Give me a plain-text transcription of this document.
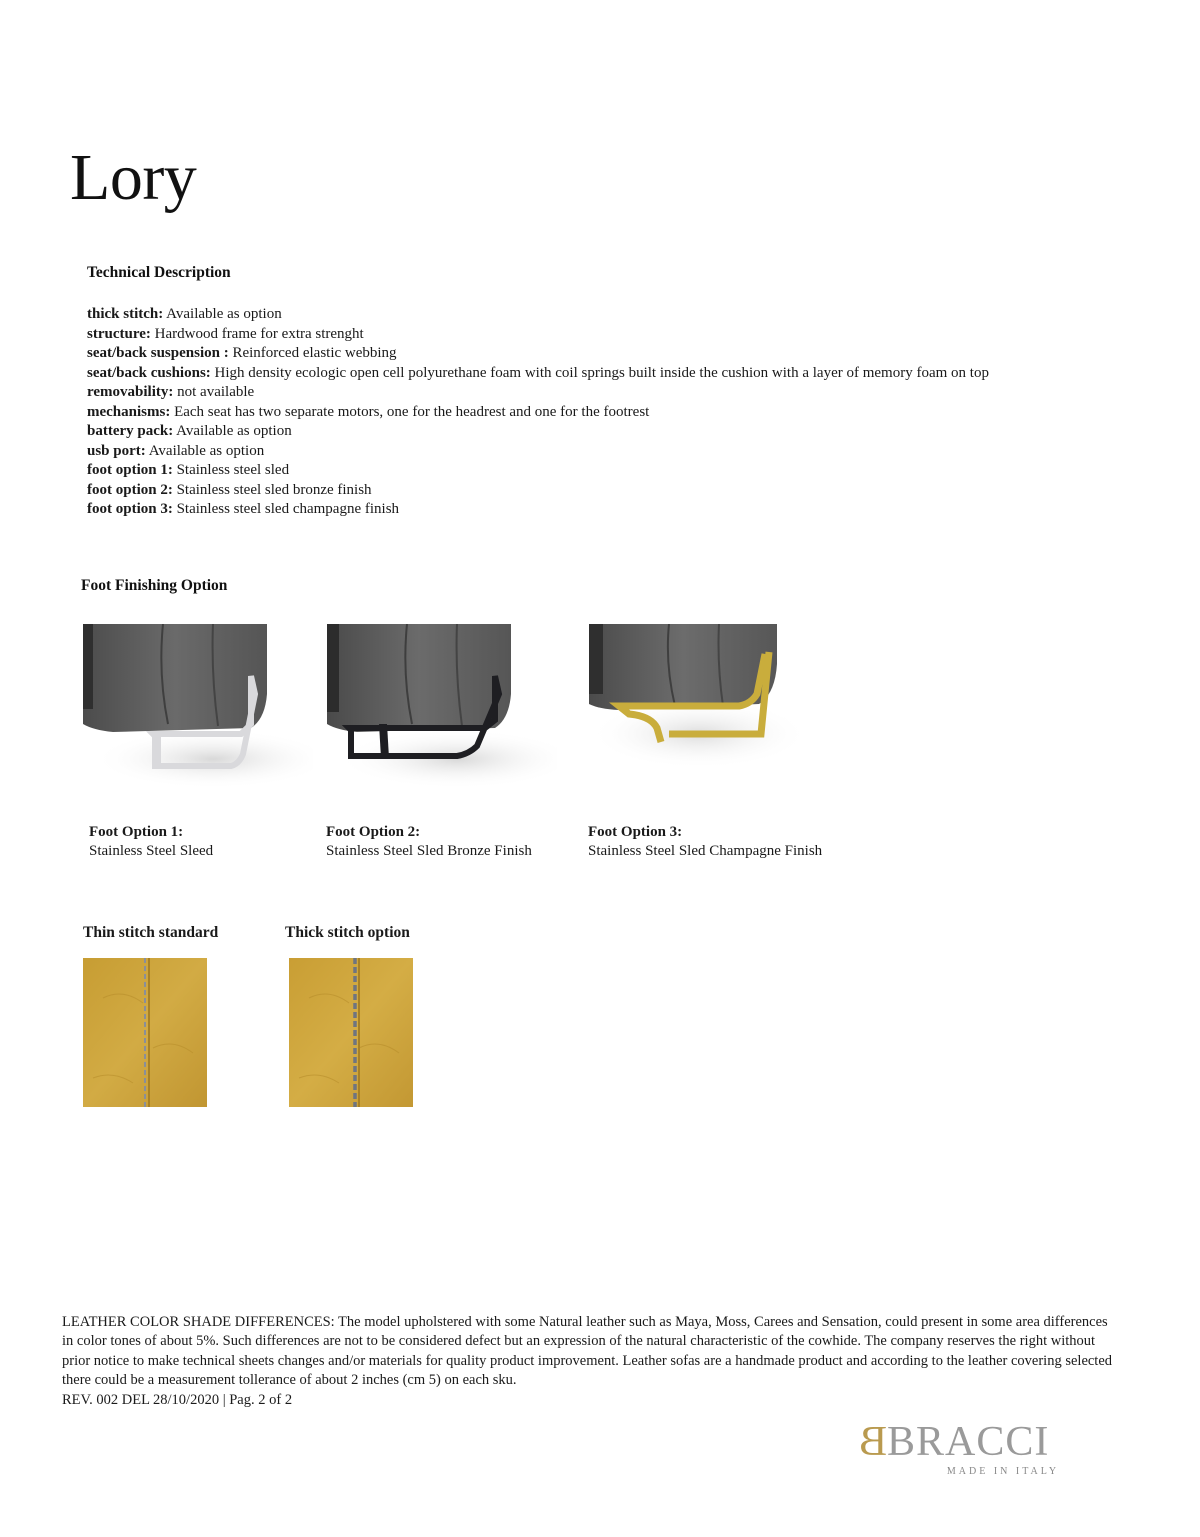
Lory
Technical Description
thick stitch: Available as option
structure: Hardwood frame for extra strenght
seat/back suspension : Reinforced elastic webbing
seat/back cushions: High density ecologic open cell polyurethane foam with coil springs built inside the cushion with a layer of memory foam on top
removability: not available
mechanisms: Each seat has two separate motors, one for the headrest and one for the footrest
battery pack: Available as option
usb port: Available as option
foot option 1: Stainless steel sled
foot option 2: Stainless steel sled bronze finish
foot option 3: Stainless steel sled champagne finish
Foot Finishing Option
Foot Option 1:
Stainless Steel Sleed
Foot Option 2:
Stainless Steel Sled Bronze Finish
Foot Option 3:
Stainless Steel Sled Champagne Finish
Thin stitch standard	Thick stitch option
LEATHER COLOR SHADE DIFFERENCES: The model upholstered with some Natural leather such as Maya, Moss, Carees and Sensation, could present in some area differences in color tones of about 5%. Such differences are not to be considered defect but an expression of the natural characteristic of the cowhide. The company reserves the right without prior notice to make technical sheets changes and/or materials for quality product improvement. Leather sofas are a handmade product and according to the leather covering selected there could be a measurement tollerance of about 2 inches (cm 5) on each sku.
REV. 002 DEL 28/10/2020 | Pag. 2 of 2
BBRACCI
MADE IN ITALY
